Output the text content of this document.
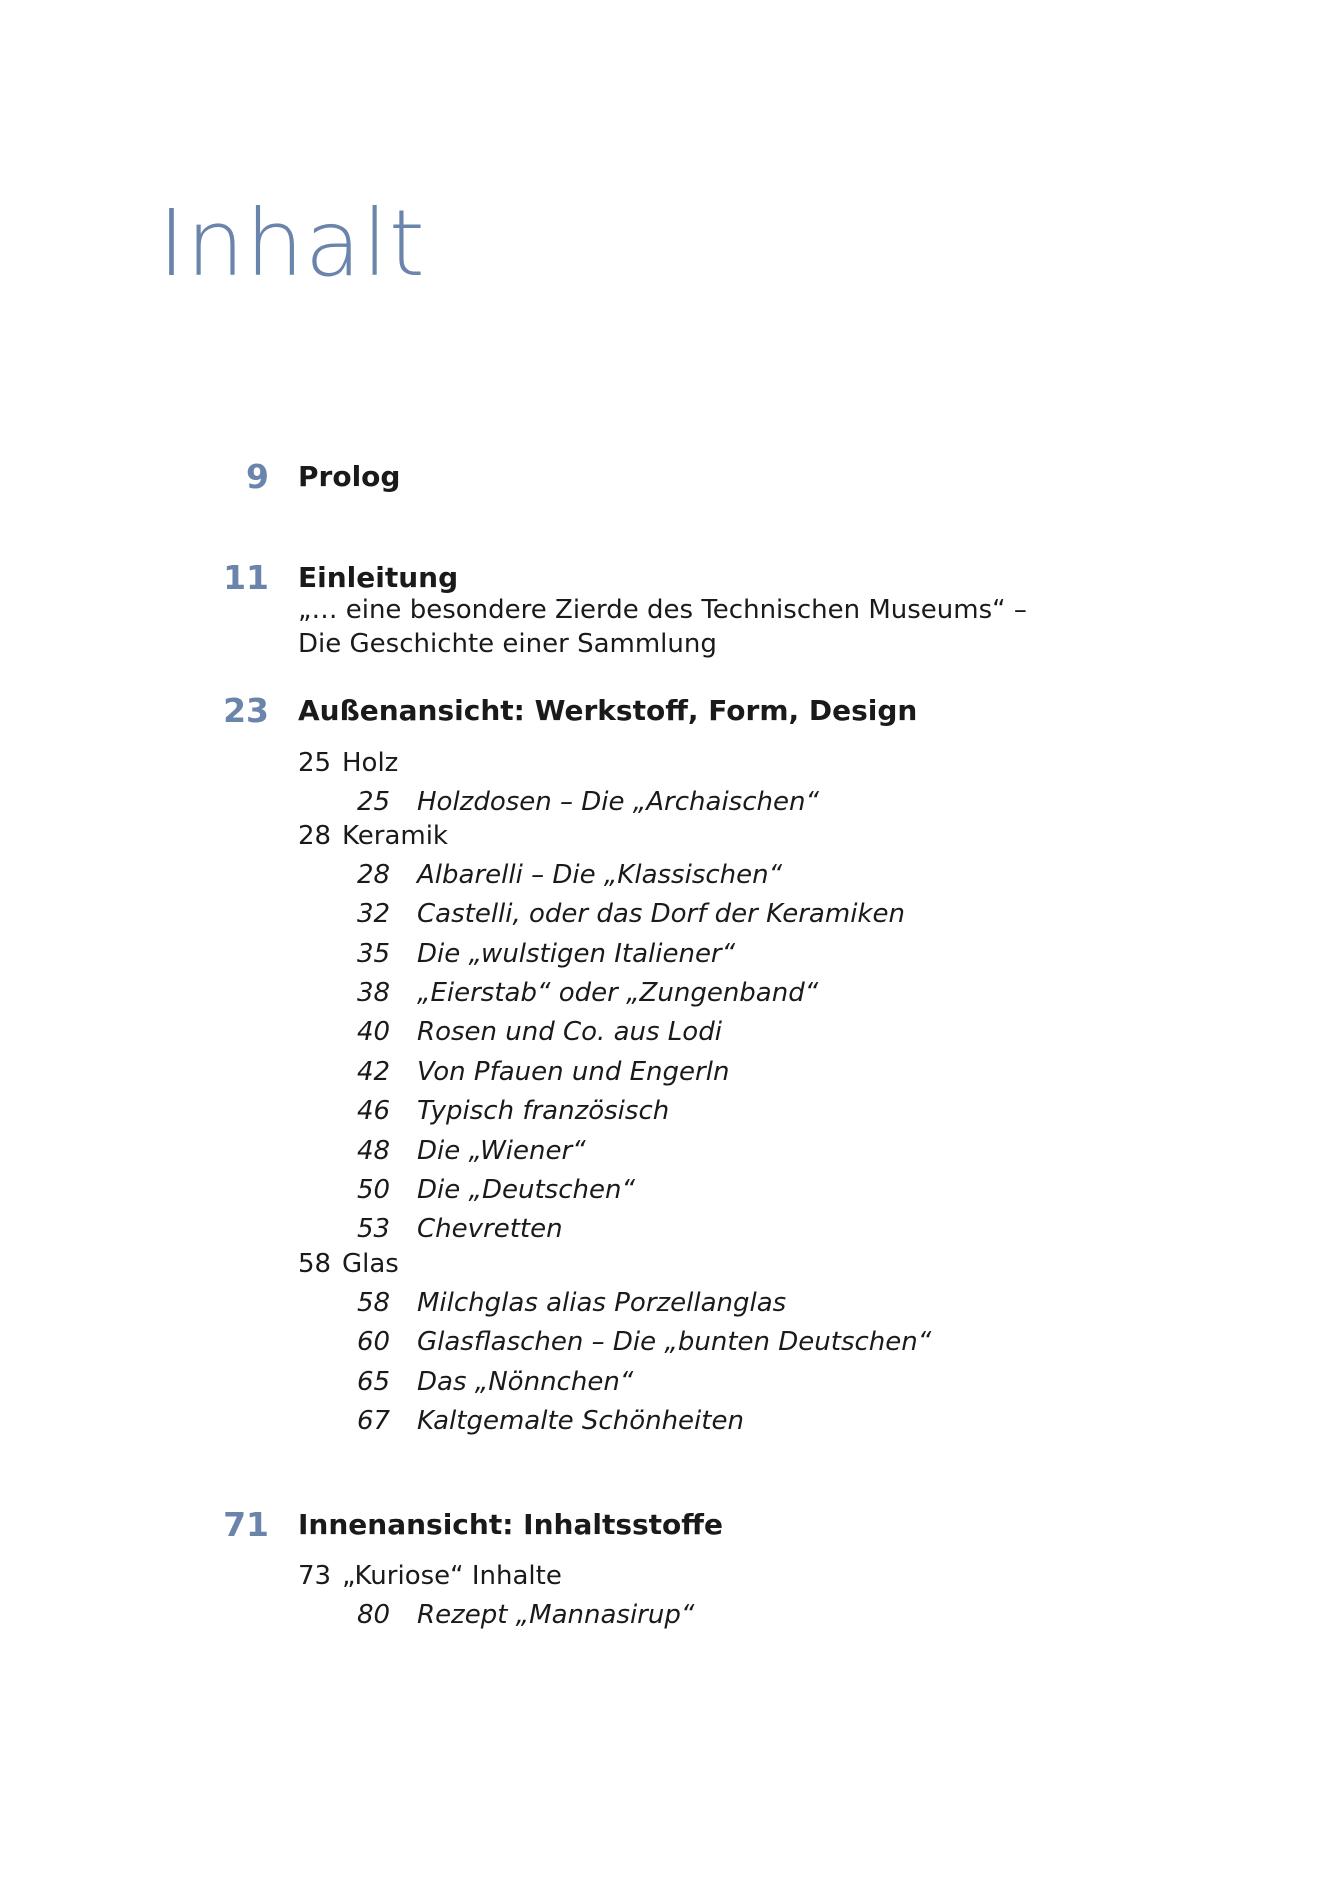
Inhalt
9 Prolog
11 Einleitung
„… eine besondere Zierde des Technischen Museums“ –
Die Geschichte einer Sammlung
23 Außenansicht: Werkstoff, Form, Design
25 Holz
25 Holzdosen – Die „Archaischen“
28 Keramik
28 Albarelli – Die „Klassischen“
32 Castelli, oder das Dorf der Keramiken
35 Die „wulstigen Italiener“
38 „Eierstab“ oder „Zungenband“
40 Rosen und Co. aus Lodi
42 Von Pfauen und Engerln
46 Typisch französisch
48 Die „Wiener“
50 Die „Deutschen“
53 Chevretten
58 Glas
58 Milchglas alias Porzellanglas
60 Glasflaschen – Die „bunten Deutschen“
65 Das „Nönnchen“
67 Kaltgemalte Schönheiten
71 Innenansicht: Inhaltsstoffe
73 „Kuriose“ Inhalte
80 Rezept „Mannasirup“
